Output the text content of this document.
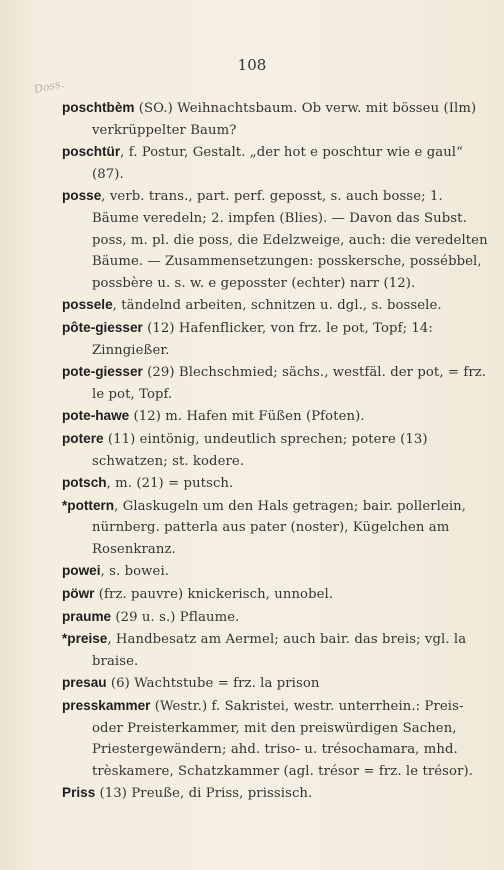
108
Doss.

poschtbèm (SO.) Weihnachtsbaum. Ob verw. mit bösseu (Ilm) verkrüppelter Baum?

poschtür, f. Postur, Gestalt. „der hot e poschtur wie e gaul“ (87).

posse, verb. trans., part. perf. geposst, s. auch bosse; 1. Bäume veredeln; 2. impfen (Blies). — Davon das Subst. poss, m. pl. die poss, die Edelzweige, auch: die veredelten Bäume. — Zusammensetzungen: posskersche, possébbel, possbère u. s. w. e geposster (echter) narr (12).

possele, tändelnd arbeiten, schnitzen u. dgl., s. bossele.

pôte-giesser (12) Hafenflicker, von frz. le pot, Topf; 14: Zinngießer.

pote-giesser (29) Blechschmied; sächs., westfäl. der pot, = frz. le pot, Topf.

pote-hawe (12) m. Hafen mit Füßen (Pfoten).

potere (11) eintönig, undeutlich sprechen; potere (13) schwatzen; st. kodere.

potsch, m. (21) = putsch.

*pottern, Glaskugeln um den Hals getragen; bair. pollerlein, nürnberg. patterla aus pater (noster), Kügelchen am Rosenkranz.

powei, s. bowei.

pöwr (frz. pauvre) knickerisch, unnobel.

praume (29 u. s.) Pflaume.

*preise, Handbesatz am Aermel; auch bair. das breis; vgl. la braise.

presau (6) Wachtstube = frz. la prison

presskammer (Westr.) f. Sakristei, westr. unterrhein.: Preis- oder Preisterkammer, mit den preiswürdigen Sachen, Priestergewändern; ahd. triso- u. trésochamara, mhd. trèskamere, Schatzkammer (agl. trésor = frz. le trésor).

Priss (13) Preuße, di Priss, prissisch.
